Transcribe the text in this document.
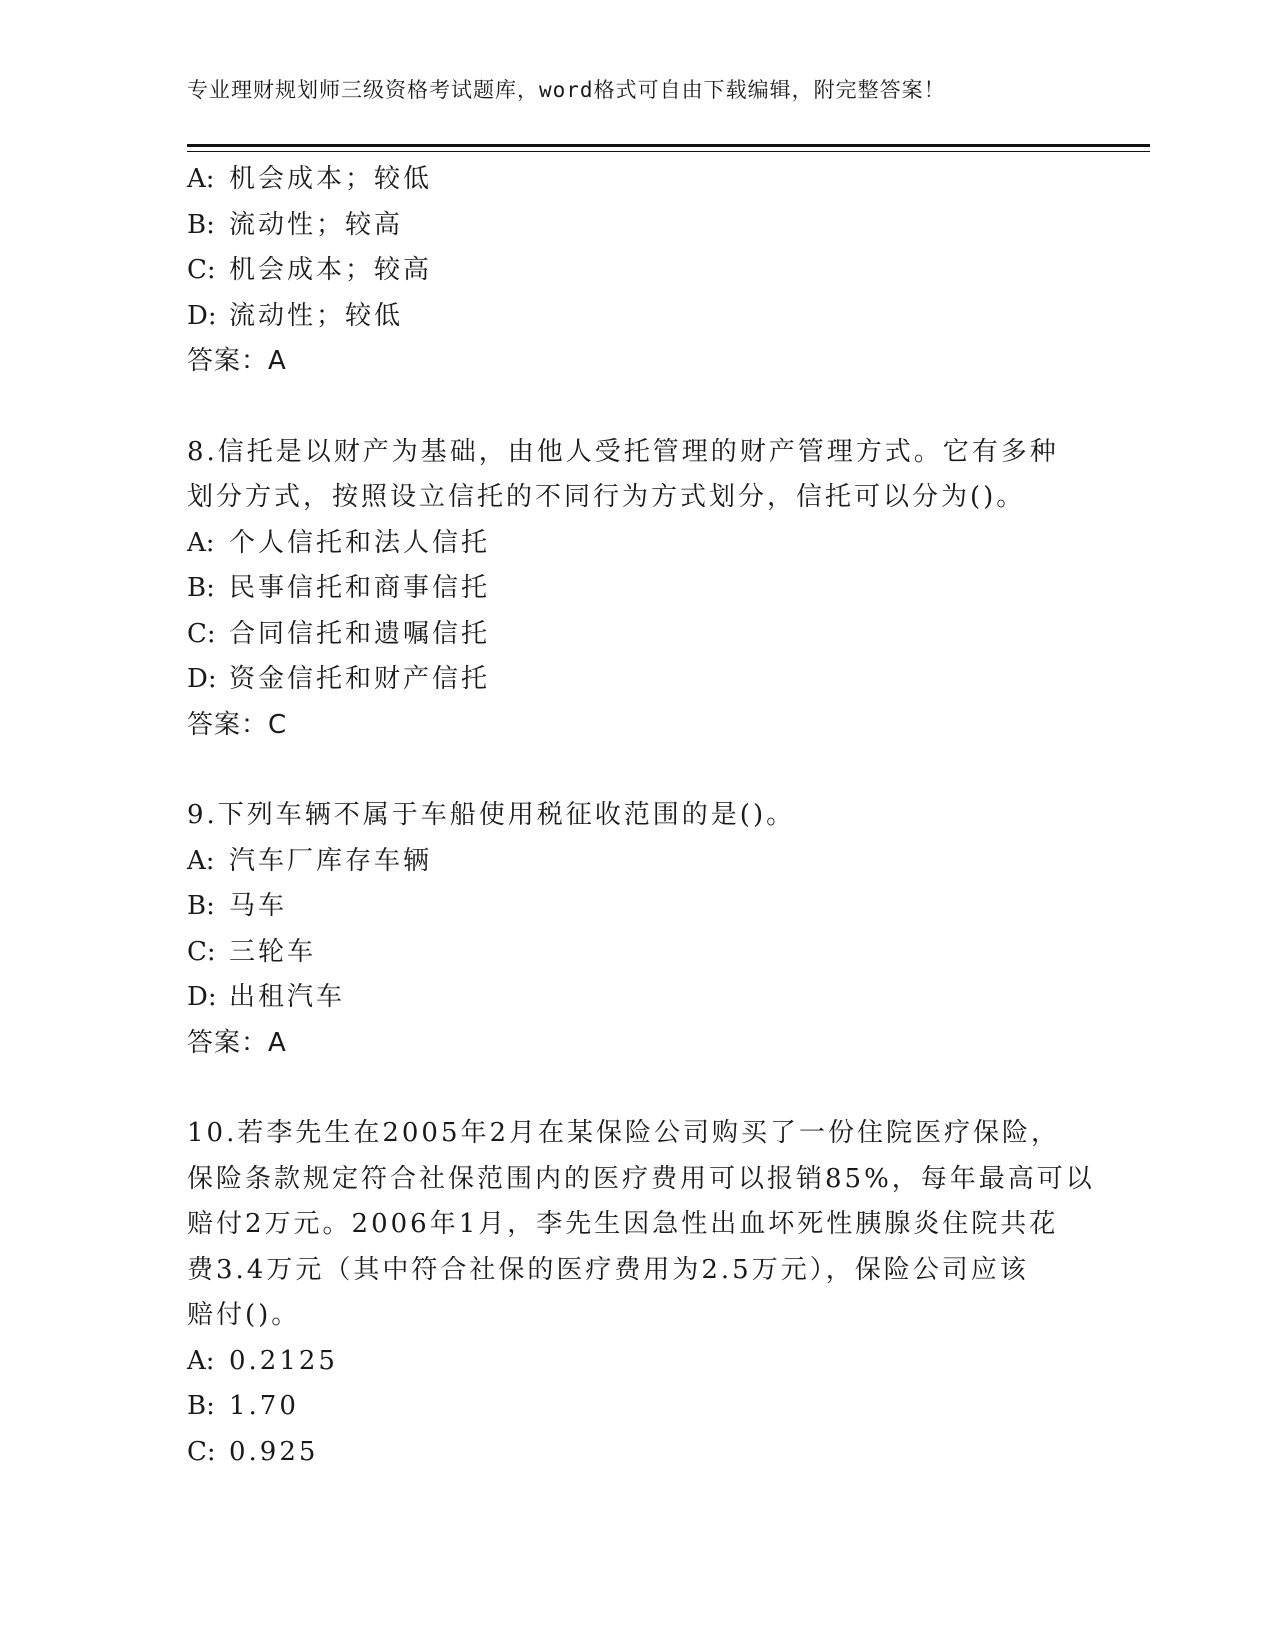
专业理财规划师三级资格考试题库，word格式可自由下载编辑，附完整答案！
A: 机会成本；较低
B: 流动性；较高
C: 机会成本；较高
D: 流动性；较低
答案：A
8.信托是以财产为基础，由他人受托管理的财产管理方式。它有多种
划分方式，按照设立信托的不同行为方式划分，信托可以分为()。
A: 个人信托和法人信托
B: 民事信托和商事信托
C: 合同信托和遗嘱信托
D: 资金信托和财产信托
答案：C
9.下列车辆不属于车船使用税征收范围的是()。
A: 汽车厂库存车辆
B: 马车
C: 三轮车
D: 出租汽车
答案：A
10.若李先生在2005年2月在某保险公司购买了一份住院医疗保险，
保险条款规定符合社保范围内的医疗费用可以报销85%，每年最高可以
赔付2万元。2006年1月，李先生因急性出血坏死性胰腺炎住院共花
费3.4万元（其中符合社保的医疗费用为2.5万元），保险公司应该
赔付()。
A: 0.2125
B: 1.70
C: 0.925
